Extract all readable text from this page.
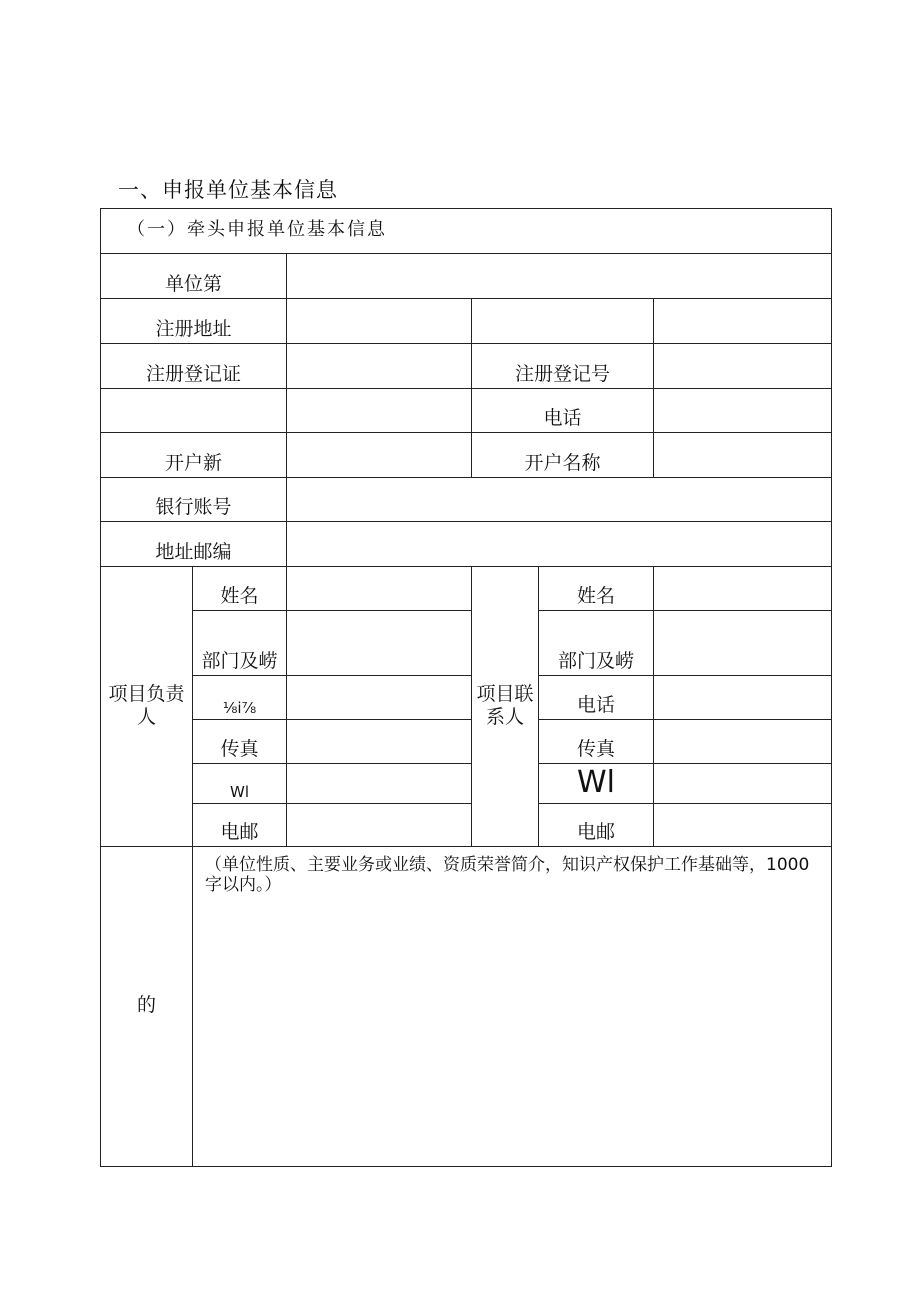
一、申报单位基本信息
（一）牵头申报单位基本信息					
单位第					
注册地址					
注册登记证			注册登记号		
			电话		
开户新			开户名称		
银行账号					
地址邮编					
项目负责人	姓名		项目联系人	姓名	
	部门及崂			部门及崂	
	⅛i⅞			电话	
	传真			传真	
	Wl			Wl	
	电邮			电邮	
的	（单位性质、主要业务或业绩、资质荣誉简介，知识产权保护工作基础等，1000字以内。）				
